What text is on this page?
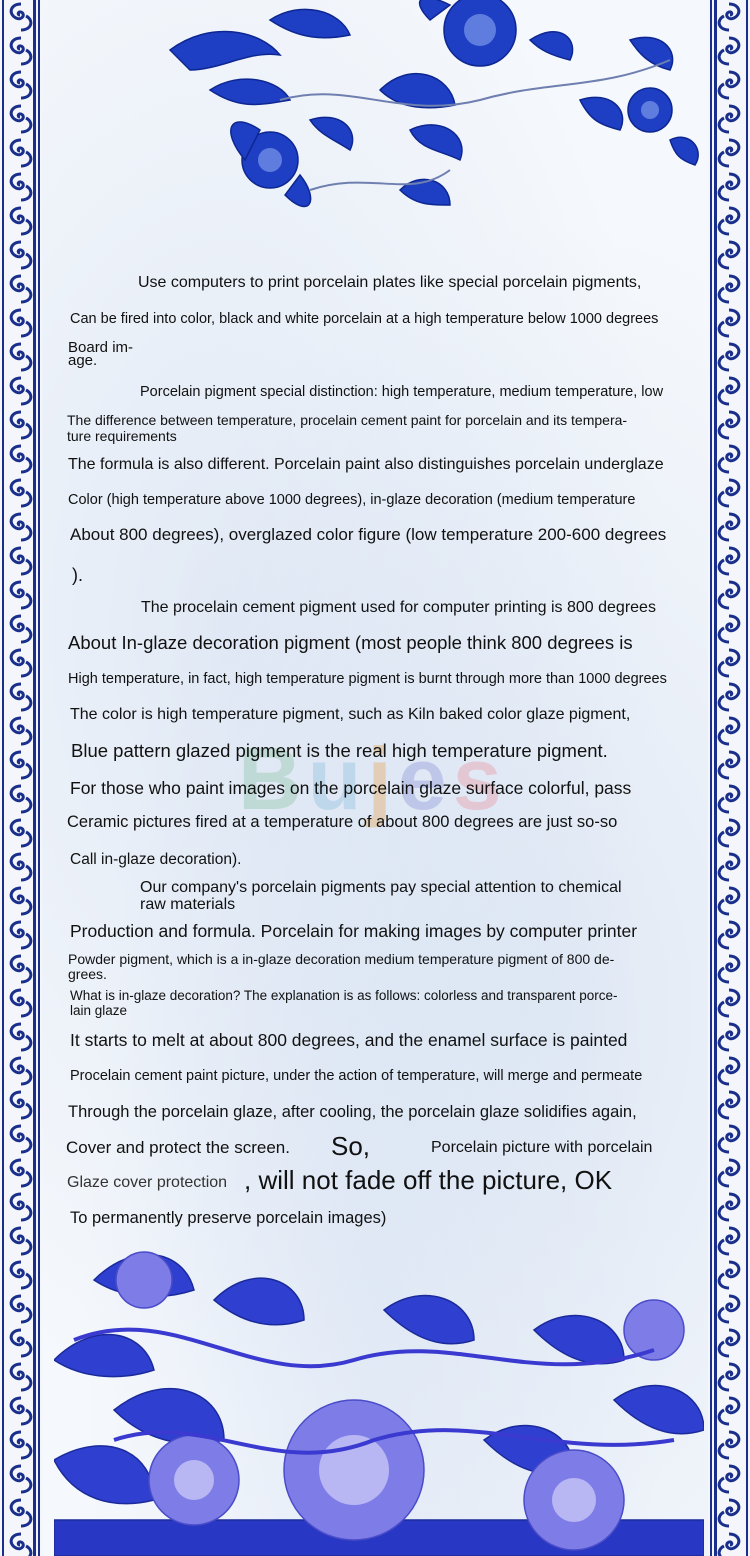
Bujes
Use computers to print porcelain plates like special porcelain pigments,
Can be fired into color, black and white porcelain at a high temperature below 1000 degrees
Board im-
age.
Porcelain pigment special distinction: high temperature, medium temperature, low
The difference between temperature, procelain cement paint for porcelain and its tempera-
ture requirements
The formula is also different. Porcelain paint also distinguishes porcelain underglaze
Color (high temperature above 1000 degrees), in-glaze decoration (medium temperature
About 800 degrees), overglazed color figure (low temperature 200-600 degrees
).
The procelain cement pigment used for computer printing is 800 degrees
About In-glaze decoration pigment (most people think 800 degrees is
High temperature, in fact, high temperature pigment is burnt through more than 1000 degrees
The color is high temperature pigment, such as Kiln baked color glaze pigment,
Blue pattern glazed pigment is the real high temperature pigment.
For those who paint images on the porcelain glaze surface colorful, pass
Ceramic pictures fired at a temperature of about 800 degrees are just so-so
Call in-glaze decoration).
Our company's porcelain pigments pay special attention to chemical
raw materials
Production and formula. Porcelain for making images by computer printer
Powder pigment, which is a in-glaze decoration medium temperature pigment of 800 de-
grees.
What is in-glaze decoration? The explanation is as follows: colorless and transparent porce-
lain glaze
It starts to melt at about 800 degrees, and the enamel surface is painted
Procelain cement paint picture, under the action of temperature, will merge and permeate
Through the porcelain glaze, after cooling, the porcelain glaze solidifies again,
Cover and protect the screen. So,	Porcelain picture with porcelain
Glaze cover protection , will not fade off the picture, OK
To permanently preserve porcelain images)
